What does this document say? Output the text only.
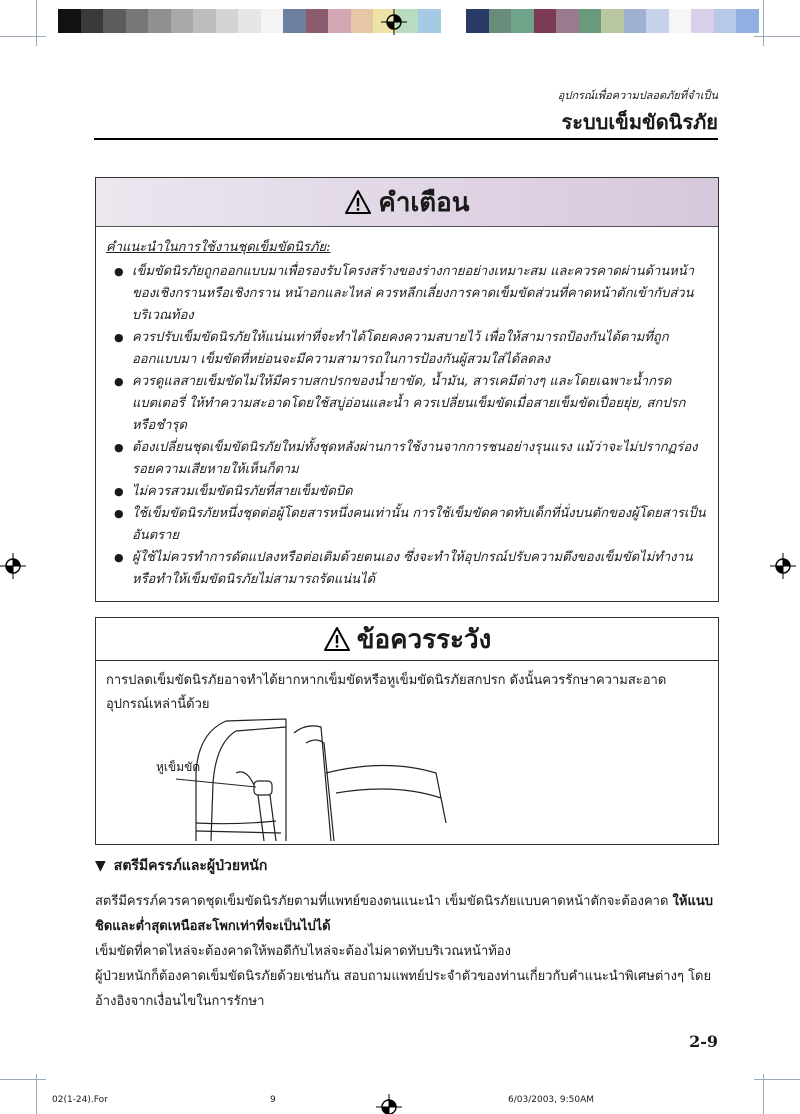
อุปกรณ์เพื่อความปลอดภัยที่จำเป็น
ระบบเข็มขัดนิรภัย
คำเตือน
คำแนะนำในการใช้งานชุดเข็มขัดนิรภัย:
● เข็มขัดนิรภัยถูกออกแบบมาเพื่อรองรับโครงสร้างของร่างกายอย่างเหมาะสม และควรคาดผ่านด้านหน้าของเชิงกรานหรือเชิงกราน หน้าอกและไหล่ ควรหลีกเลี่ยงการคาดเข็มขัดส่วนที่คาดหน้าตักเข้ากับส่วนบริเวณท้อง
● ควรปรับเข็มขัดนิรภัยให้แน่นเท่าที่จะทำได้โดยคงความสบายไว้ เพื่อให้สามารถป้องกันได้ตามที่ถูกออกแบบมา เข็มขัดที่หย่อนจะมีความสามารถในการป้องกันผู้สวมใส่ได้ลดลง
● ควรดูแลสายเข็มขัดไม่ให้มีคราบสกปรกของน้ำยาขัด, น้ำมัน, สารเคมีต่างๆ และโดยเฉพาะน้ำกรดแบตเตอรี่ ให้ทำความสะอาดโดยใช้สบู่อ่อนและน้ำ ควรเปลี่ยนเข็มขัดเมื่อสายเข็มขัดเปื่อยยุ่ย, สกปรก หรือชำรุด
● ต้องเปลี่ยนชุดเข็มขัดนิรภัยใหม่ทั้งชุดหลังผ่านการใช้งานจากการชนอย่างรุนแรง แม้ว่าจะไม่ปรากฏร่องรอยความเสียหายให้เห็นก็ตาม
● ไม่ควรสวมเข็มขัดนิรภัยที่สายเข็มขัดบิด
● ใช้เข็มขัดนิรภัยหนึ่งชุดต่อผู้โดยสารหนึ่งคนเท่านั้น การใช้เข็มขัดคาดทับเด็กที่นั่งบนตักของผู้โดยสารเป็นอันตราย
● ผู้ใช้ไม่ควรทำการดัดแปลงหรือต่อเติมด้วยตนเอง ซึ่งจะทำให้อุปกรณ์ปรับความตึงของเข็มขัดไม่ทำงาน หรือทำให้เข็มขัดนิรภัยไม่สามารถรัดแน่นได้
ข้อควรระวัง
การปลดเข็มขัดนิรภัยอาจทำได้ยากหากเข็มขัดหรือหูเข็มขัดนิรภัยสกปรก ดังนั้นควรรักษาความสะอาดอุปกรณ์เหล่านี้ด้วย
หูเข็มขัด
▼ สตรีมีครรภ์และผู้ป่วยหนัก
สตรีมีครรภ์ควรคาดชุดเข็มขัดนิรภัยตามที่แพทย์ของตนแนะนำ เข็มขัดนิรภัยแบบคาดหน้าตักจะต้องคาด ให้แนบชิดและต่ำสุดเหนือสะโพกเท่าที่จะเป็นไปได้
เข็มขัดที่คาดไหล่จะต้องคาดให้พอดีกับไหล่จะต้องไม่คาดทับบริเวณหน้าท้อง
ผู้ป่วยหนักก็ต้องคาดเข็มขัดนิรภัยด้วยเช่นกัน สอบถามแพทย์ประจำตัวของท่านเกี่ยวกับคำแนะนำพิเศษต่างๆ โดยอ้างอิงจากเงื่อนไขในการรักษา
2-9
02(1-24).For	9	6/03/2003, 9:50AM
